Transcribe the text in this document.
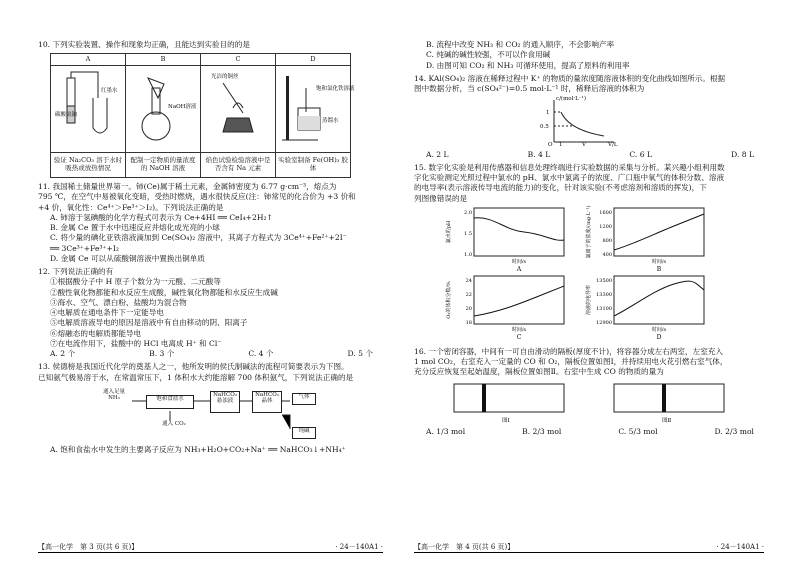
10. 下列实验装置、操作和现象均正确，且能达到实验目的的是
A	B	C	D

碳酸氢钠
红墨水	NaOH溶液	光洁的铜丝	饱和氯化铁溶液
蒸馏水

验证 Na₂CO₃ 溶于水时吸热或放热情况	配制一定物质的量浓度的 NaOH 溶液	焰色试验检验溶液中是否含有 Na 元素	实验室制备 Fe(OH)₃ 胶体
11. 我国稀土储量世界第一。铈(Ce)属于稀土元素，金属铈密度为 6.77 g·cm⁻³，熔点为
795 ℃，在空气中易被氧化变暗，受热时燃烧，遇水很快反应(注：铈常见的化合价为 +3 价和
+4 价，氧化性：Ce⁴⁺＞Fe³⁺＞I₂)。下列说法正确的是
A. 铈溶于氢碘酸的化学方程式可表示为 Ce+4HI ══ CeI₄+2H₂↑
B. 金属 Ce 置于水中迅速反应并熔化成光亮的小球
C. 将少量的碘化亚铁溶液滴加到 Ce(SO₄)₂ 溶液中，其离子方程式为 3Ce⁴⁺+Fe²⁺+2I⁻
══ 3Ce³⁺+Fe³⁺+I₂
D. 金属 Ce 可以从硫酸铜溶液中置换出铜单质
12. 下列说法正确的有
①根据酸分子中 H 原子个数分为一元酸、二元酸等
②酸性氧化物都能和水反应生成酸，碱性氧化物都能和水反应生成碱
③海水、空气、漂白粉、盐酸均为混合物
④电解质在通电条件下一定能导电
⑤电解质溶液导电的原因是溶液中有自由移动的阴、阳离子
⑥熔融态的电解质都能导电
⑦在电流作用下，盐酸中的 HCl 电离成 H⁺ 和 Cl⁻
A. 2 个	B. 3 个	C. 4 个	D. 5 个
13. 侯德榜是我国近代化学的奠基人之一，他所发明的侯氏制碱法的流程可简要表示为下图。
已知氨气极易溶于水，在常温常压下，1 体积水大约能溶解 700 体积氨气，下列说法正确的是
通入足量 NH₃	饱和食盐水
通入 CO₂
NaHCO₃ 悬浊液
NaHCO₃ 晶体
气体
纯碱
A. 饱和食盐水中发生的主要离子反应为 NH₃+H₂O+CO₂+Na⁺ ══ NaHCO₃↓+NH₄⁺
【高一化学　第 3 页(共 6 页)】	· 24－140A1 ·
B. 流程中改变 NH₃ 和 CO₂ 的通入顺序，不会影响产率
C. 纯碱的碱性较强，不可以作食用碱
D. 由图可知 CO₂ 和 NH₃ 可循环使用，提高了原料的利用率
14. KAl(SO₄)₂ 溶液在稀释过程中 K⁺ 的物质的量浓度随溶液体积的变化曲线如图所示。根据
图中数据分析，当 c(SO₄²⁻)=0.5 mol·L⁻¹ 时，稀释后溶液的体积为
c/(mol·L⁻¹)
1
0.5
1	V	V/L
O
A. 2 L	B. 4 L	C. 6 L	D. 8 L
15. 数字化实验是利用传感器和信息处理终端进行实验数据的采集与分析。某兴趣小组利用数
字化实验测定光照过程中氯水的 pH、氯水中氯离子的浓度、广口瓶中氧气的体积分数、溶液
的电导率(表示溶液传导电流的能力)的变化，针对该实验(不考虑溶剂和溶质的挥发)，下
列图像错误的是
2.0
1.5
1.0
氯水的pH
时间/s
A
1600
1200
800
400
氯离子的浓度/(mg·L⁻¹)
时间/s
B
24
22
20
18
O₂的体积分数/%
时间/s
C
13500
13300
13100
12900
溶液的电导率
时间/s
D
16. 一个密闭容器，中间有一可自由滑动的隔板(厚度不计)，将容器分成左右两室，左室充入
1 mol CO₂，右室充入一定量的 CO 和 O₂，隔板位置如图Ⅰ，并持续用电火花引燃右室气体，
充分反应恢复至起始温度，隔板位置如图Ⅱ。右室中生成 CO 的物质的量为
图Ⅰ	图Ⅱ
A. 1/3 mol	B. 2/3 mol	C. 5/3 mol	D. 2/3 mol
【高一化学　第 4 页(共 6 页)】	· 24－140A1 ·
